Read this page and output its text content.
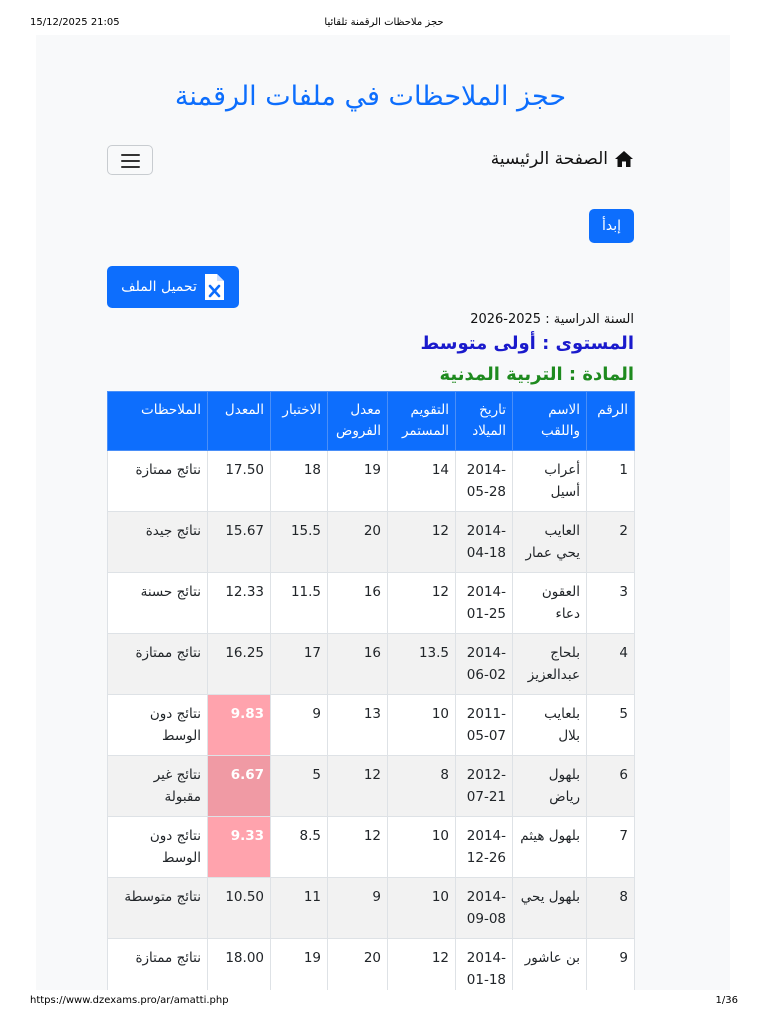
15/12/2025 21:05	حجز ملاحظات الرقمنة تلقائيا
حجز الملاحظات في ملفات الرقمنة
الصفحة الرئيسية
إبدأ
تحميل الملف
السنة الدراسية : 2025-2026
المستوى : أولى متوسط
المادة : التربية المدنية
الرقم	الاسم واللقب	تاريخ الميلاد	التقويم المستمر	معدل الفروض	الاختبار	المعدل	الملاحظات
1	أعراب أسيل	2014-05-28	14	19	18	17.50	نتائج ممتازة
2	العايب يحي عمار	2014-04-18	12	20	15.5	15.67	نتائج جيدة
3	العقون دعاء	2014-01-25	12	16	11.5	12.33	نتائج حسنة
4	بلحاج عبدالعزيز	2014-06-02	13.5	16	17	16.25	نتائج ممتازة
5	بلعايب بلال	2011-05-07	10	13	9	9.83	نتائج دون الوسط
6	بلهول رياض	2012-07-21	8	12	5	6.67	نتائج غير مقبولة
7	بلهول هيثم	2014-12-26	10	12	8.5	9.33	نتائج دون الوسط
8	بلهول يحي	2014-09-08	10	9	11	10.50	نتائج متوسطة
9	بن عاشور	2014-01-18	12	20	19	18.00	نتائج ممتازة
https://www.dzexams.pro/ar/amatti.php	1/36
